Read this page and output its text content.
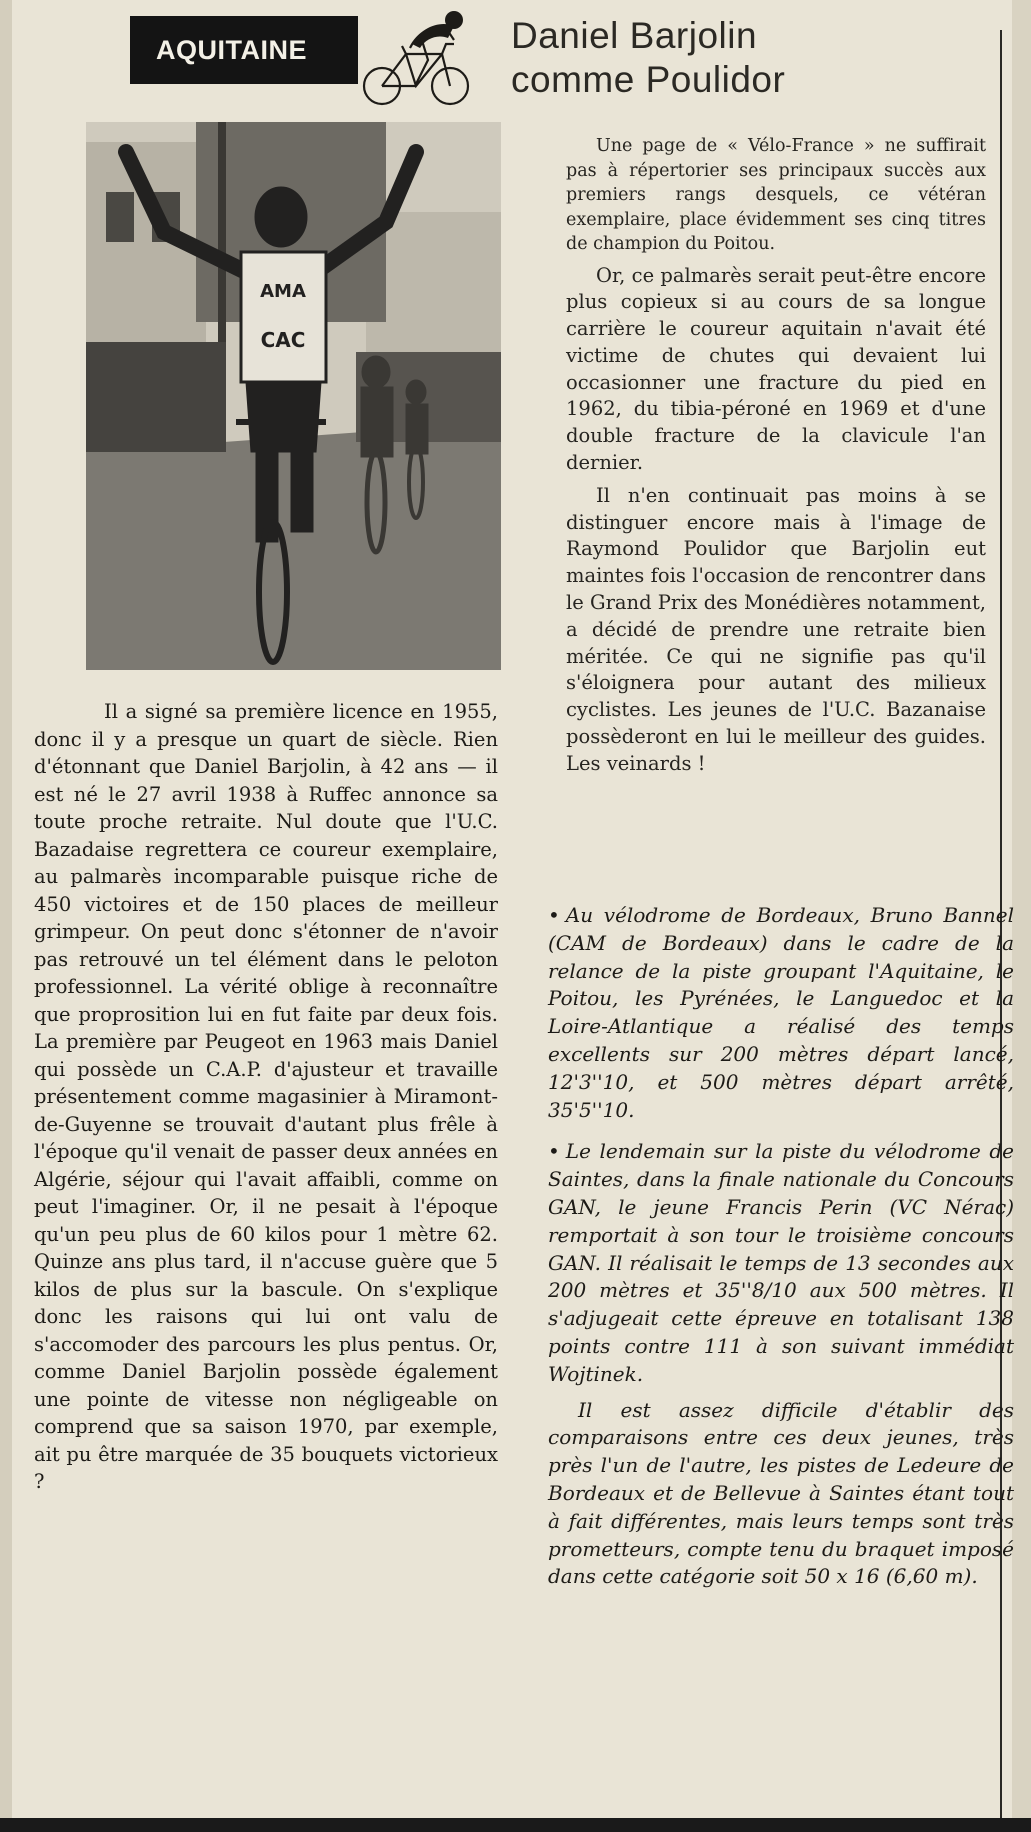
AQUITAINE	Daniel Barjolin
comme Poulidor
AMA
CAC

Une page de « Vélo-France » ne suffirait pas à répertorier ses principaux succès aux premiers rangs desquels, ce vétéran exemplaire, place évidemment ses cinq titres de champion du Poitou.

Or, ce palmarès serait peut-être encore plus copieux si au cours de sa longue carrière le coureur aquitain n'avait été victime de chutes qui devaient lui occasionner une fracture du pied en 1962, du tibia-péroné en 1969 et d'une double fracture de la clavicule l'an dernier.

Il n'en continuait pas moins à se distinguer encore mais à l'image de Raymond Poulidor que Barjolin eut maintes fois l'occasion de rencontrer dans le Grand Prix des Monédières notamment, a décidé de prendre une retraite bien méritée. Ce qui ne signifie pas qu'il s'éloignera pour autant des milieux cyclistes. Les jeunes de l'U.C. Bazanaise possèderont en lui le meilleur des guides. Les veinards !

Il a signé sa première licence en 1955, donc il y a presque un quart de siècle. Rien d'étonnant que Daniel Barjolin, à 42 ans — il est né le 27 avril 1938 à Ruffec annonce sa toute proche retraite. Nul doute que l'U.C. Bazadaise regrettera ce coureur exemplaire, au palmarès incomparable puisque riche de 450 victoires et de 150 places de meilleur grimpeur. On peut donc s'étonner de n'avoir pas retrouvé un tel élément dans le peloton professionnel. La vérité oblige à reconnaître que proprosition lui en fut faite par deux fois. La première par Peugeot en 1963 mais Daniel qui possède un C.A.P. d'ajusteur et travaille présentement comme magasinier à Miramont-de-Guyenne se trouvait d'autant plus frêle à l'époque qu'il venait de passer deux années en Algérie, séjour qui l'avait affaibli, comme on peut l'imaginer. Or, il ne pesait à l'époque qu'un peu plus de 60 kilos pour 1 mètre 62. Quinze ans plus tard, il n'accuse guère que 5 kilos de plus sur la bascule. On s'explique donc les raisons qui lui ont valu de s'accomoder des parcours les plus pentus. Or, comme Daniel Barjolin possède également une pointe de vitesse non négligeable on comprend que sa saison 1970, par exemple, ait pu être marquée de 35 bouquets victorieux ?

• Au vélodrome de Bordeaux, Bruno Bannel (CAM de Bordeaux) dans le cadre de la relance de la piste groupant l'Aquitaine, le Poitou, les Pyrénées, le Languedoc et la Loire-Atlantique a réalisé des temps excellents sur 200 mètres départ lancé, 12'3''10, et 500 mètres départ arrêté, 35'5''10.

• Le lendemain sur la piste du vélodrome de Saintes, dans la finale nationale du Concours GAN, le jeune Francis Perin (VC Nérac) remportait à son tour le troisième concours GAN. Il réalisait le temps de 13 secondes aux 200 mètres et 35''8/10 aux 500 mètres. Il s'adjugeait cette épreuve en totalisant 138 points contre 111 à son suivant immédiat Wojtinek.

Il est assez difficile d'établir des comparaisons entre ces deux jeunes, très près l'un de l'autre, les pistes de Ledeure de Bordeaux et de Bellevue à Saintes étant tout à fait différentes, mais leurs temps sont très prometteurs, compte tenu du braquet imposé dans cette catégorie soit 50 x 16 (6,60 m).
